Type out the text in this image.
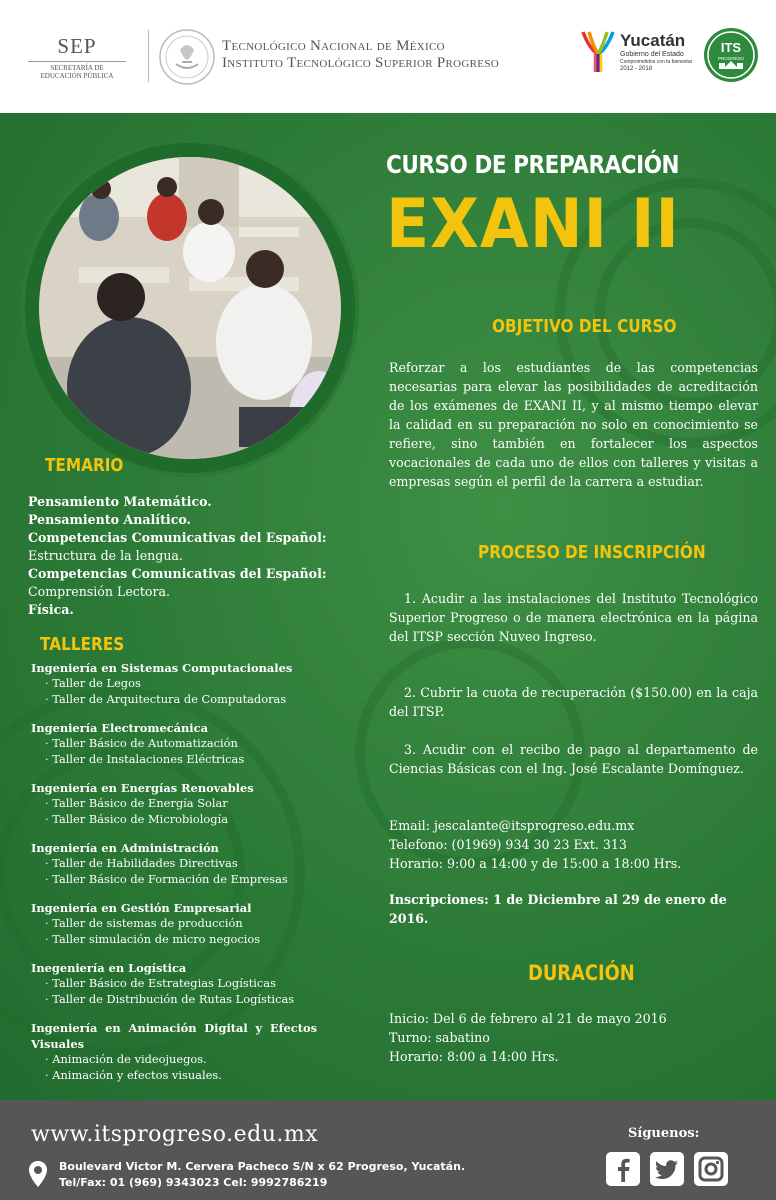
SEP
SECRETARÍA DE
EDUCACIÓN PÚBLICA
Tecnológico Nacional de México
Instituto Tecnológico Superior Progreso
Yucatán
Gobierno del Estado
Comprometidos con tu bienestar
2012 - 2018
ITS
PROGRESO
CURSO DE PREPARACIÓN
EXANI II
OBJETIVO DEL CURSO
Reforzar a los estudiantes de las competencias necesarias para elevar las posibilidades de acreditación de los exámenes de EXANI II, y al mismo tiempo elevar la calidad en su preparación no solo en conocimiento se refiere, sino también en fortalecer los aspectos vocacionales de cada uno de ellos con talleres y visitas a empresas según el perfil de la carrera a estudiar.
PROCESO DE INSCRIPCIÓN
1. Acudir a las instalaciones del Instituto Tecnológico Superior Progreso o de manera electrónica en la página del ITSP sección Nuveo Ingreso.
2. Cubrir la cuota de recuperación ($150.00) en la caja del ITSP.
3. Acudir con el recibo de pago al departamento de Ciencias Básicas con el Ing. José Escalante Domínguez.
Email: jescalante@itsprogreso.edu.mx
Telefono: (01969) 934 30 23 Ext. 313
Horario: 9:00 a 14:00 y de 15:00 a 18:00 Hrs.
Inscripciones: 1 de Diciembre al 29 de enero de 2016.
DURACIÓN
Inicio: Del 6 de febrero al 21 de mayo 2016
Turno: sabatino
Horario: 8:00 a 14:00 Hrs.
TEMARIO
Pensamiento Matemático.
Pensamiento Analítico.
Competencias Comunicativas del Español:
Estructura de la lengua.
Competencias Comunicativas del Español:
Comprensión Lectora.
Física.
TALLERES
Ingeniería en Sistemas Computacionales
· Taller de Legos
· Taller de Arquitectura de Computadoras
Ingeniería Electromecánica
· Taller Básico de Automatización
· Taller de Instalaciones Eléctricas
Ingeniería en Energías Renovables
· Taller Básico de Energía Solar
· Taller Básico de Microbiología
Ingeniería en Administración
· Taller de Habilidades Directivas
· Taller Básico de Formación de Empresas
Ingeniería en Gestión Empresarial
· Taller de sistemas de producción
· Taller simulación de micro negocios
Inegeniería en Logística
· Taller Básico de Estrategias Logísticas
· Taller de Distribución de Rutas Logísticas
Ingeniería en Animación Digital y Efectos Visuales
· Animación de videojuegos.
· Animación y efectos visuales.
www.itsprogreso.edu.mx
Boulevard Victor M. Cervera Pacheco S/N x 62 Progreso, Yucatán.
Tel/Fax: 01 (969) 9343023 Cel: 9992786219
Síguenos:
